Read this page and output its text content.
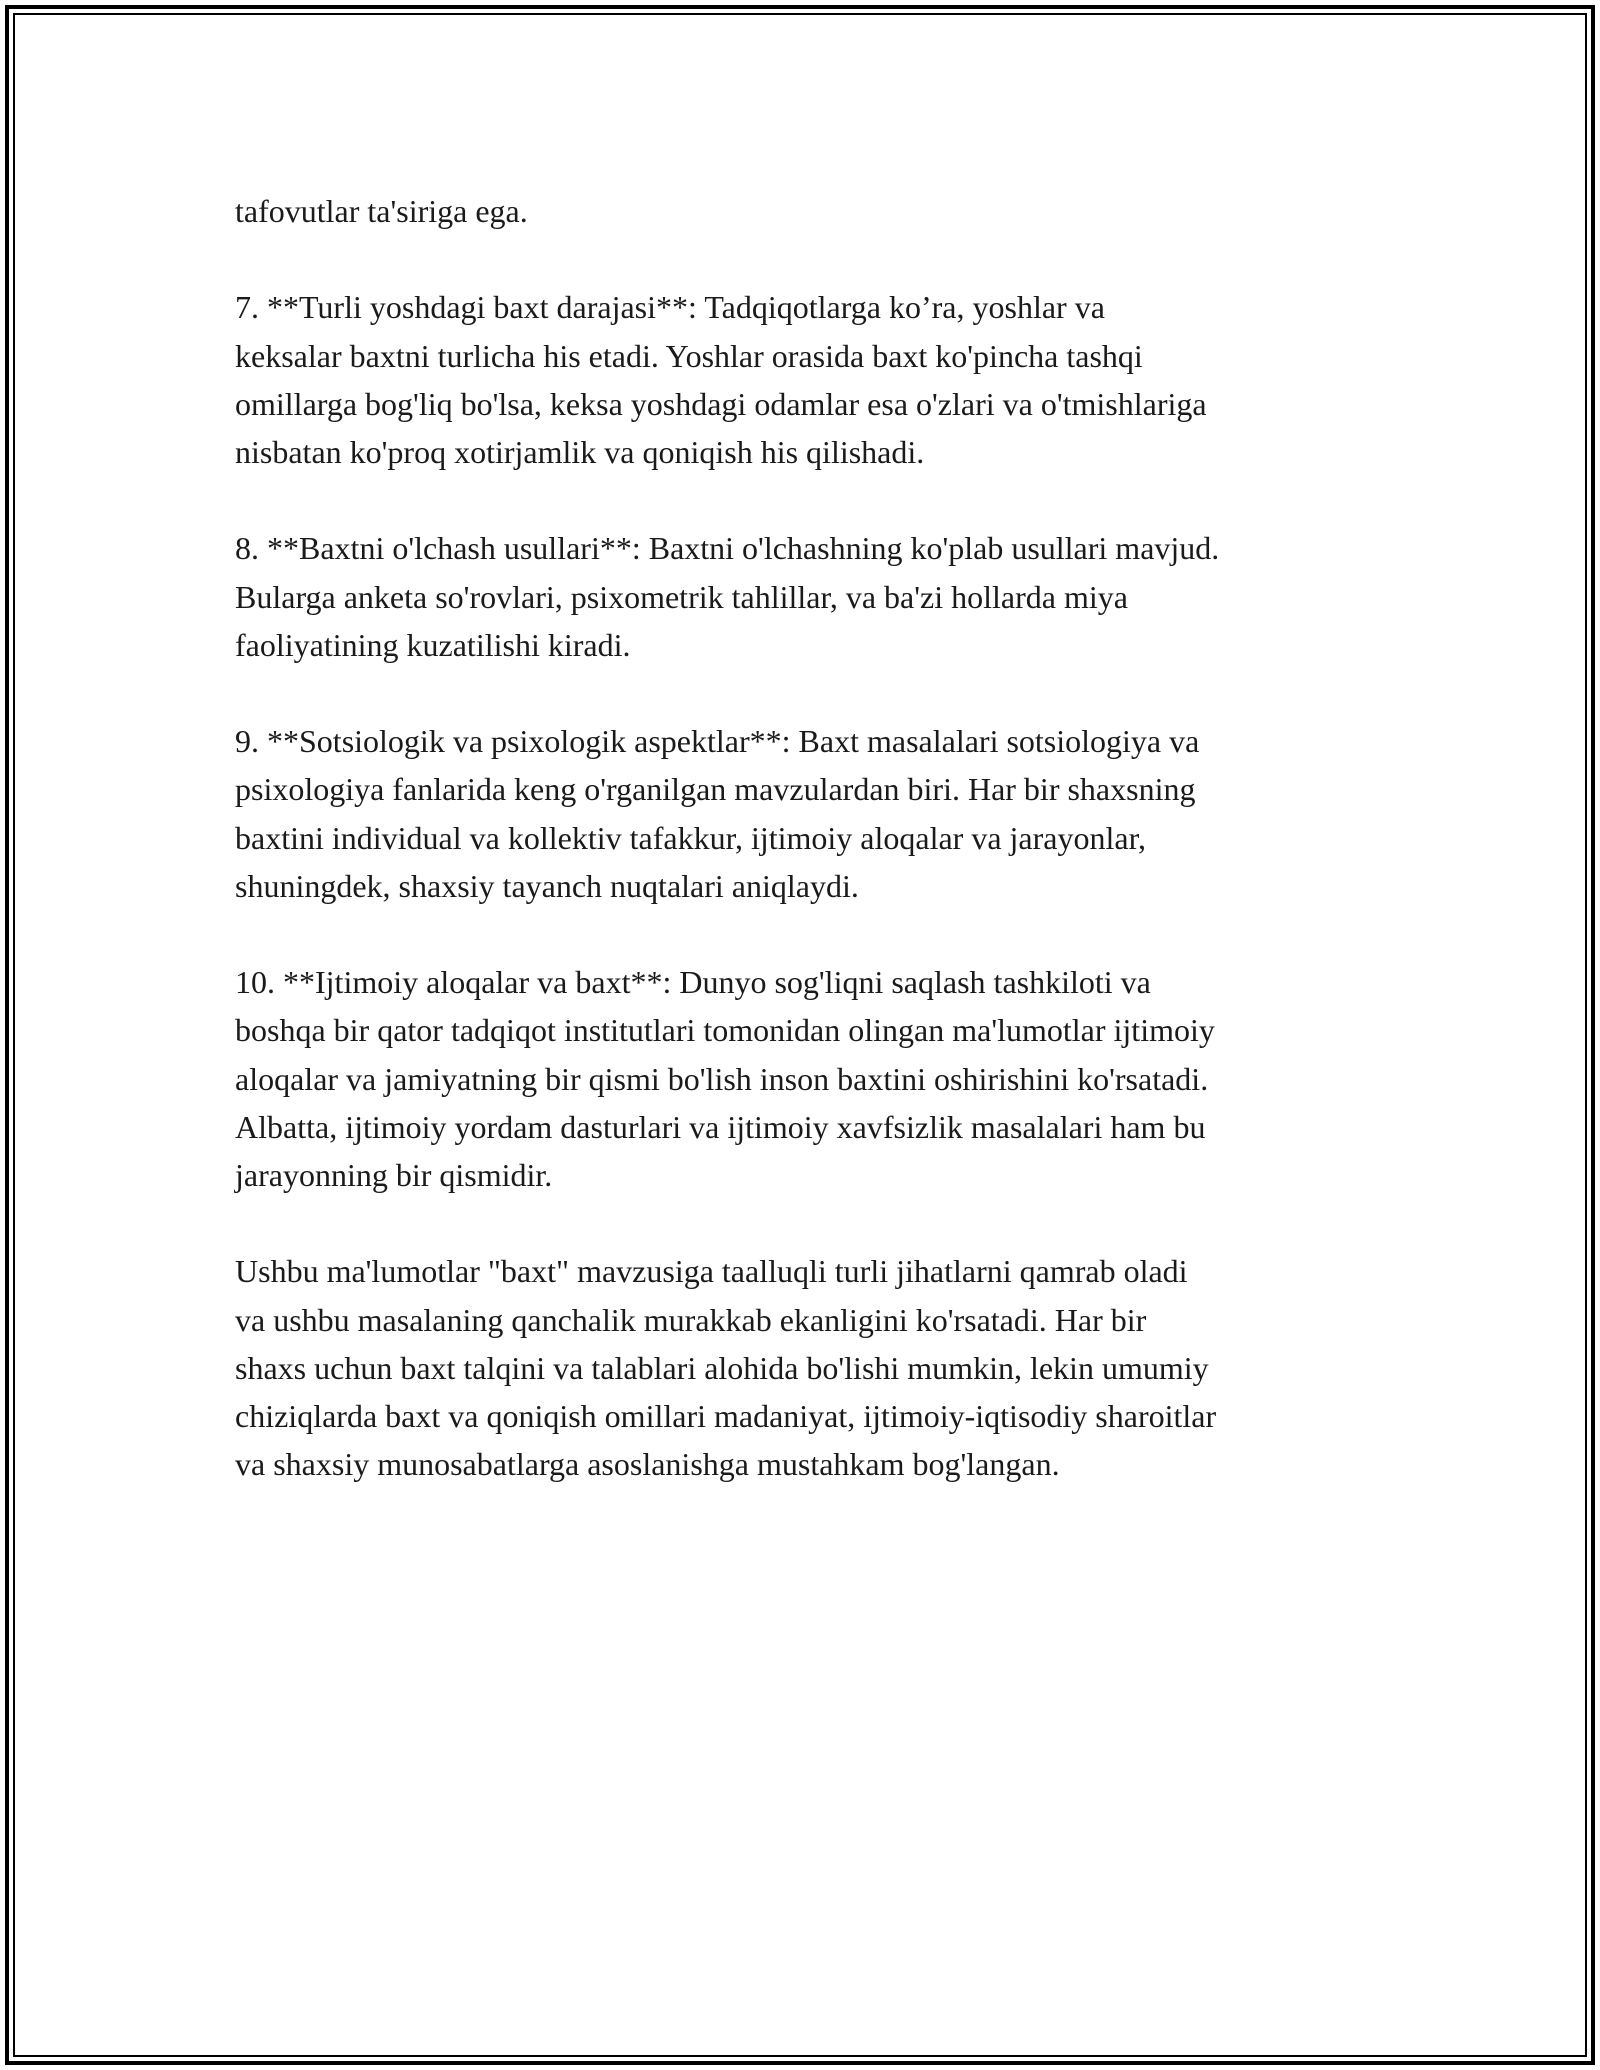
tafovutlar ta'siriga ega.

7. **Turli yoshdagi baxt darajasi**: Tadqiqotlarga ko’ra, yoshlar va
keksalar baxtni turlicha his etadi. Yoshlar orasida baxt ko'pincha tashqi
omillarga bog'liq bo'lsa, keksa yoshdagi odamlar esa o'zlari va o'tmishlariga
nisbatan ko'proq xotirjamlik va qoniqish his qilishadi.

8. **Baxtni o'lchash usullari**: Baxtni o'lchashning ko'plab usullari mavjud.
Bularga anketa so'rovlari, psixometrik tahlillar, va ba'zi hollarda miya
faoliyatining kuzatilishi kiradi.

9. **Sotsiologik va psixologik aspektlar**: Baxt masalalari sotsiologiya va
psixologiya fanlarida keng o'rganilgan mavzulardan biri. Har bir shaxsning
baxtini individual va kollektiv tafakkur, ijtimoiy aloqalar va jarayonlar,
shuningdek, shaxsiy tayanch nuqtalari aniqlaydi.

10. **Ijtimoiy aloqalar va baxt**: Dunyo sog'liqni saqlash tashkiloti va
boshqa bir qator tadqiqot institutlari tomonidan olingan ma'lumotlar ijtimoiy
aloqalar va jamiyatning bir qismi bo'lish inson baxtini oshirishini ko'rsatadi.
Albatta, ijtimoiy yordam dasturlari va ijtimoiy xavfsizlik masalalari ham bu
jarayonning bir qismidir.

Ushbu ma'lumotlar "baxt" mavzusiga taalluqli turli jihatlarni qamrab oladi
va ushbu masalaning qanchalik murakkab ekanligini ko'rsatadi. Har bir
shaxs uchun baxt talqini va talablari alohida bo'lishi mumkin, lekin umumiy
chiziqlarda baxt va qoniqish omillari madaniyat, ijtimoiy-iqtisodiy sharoitlar
va shaxsiy munosabatlarga asoslanishga mustahkam bog'langan.
